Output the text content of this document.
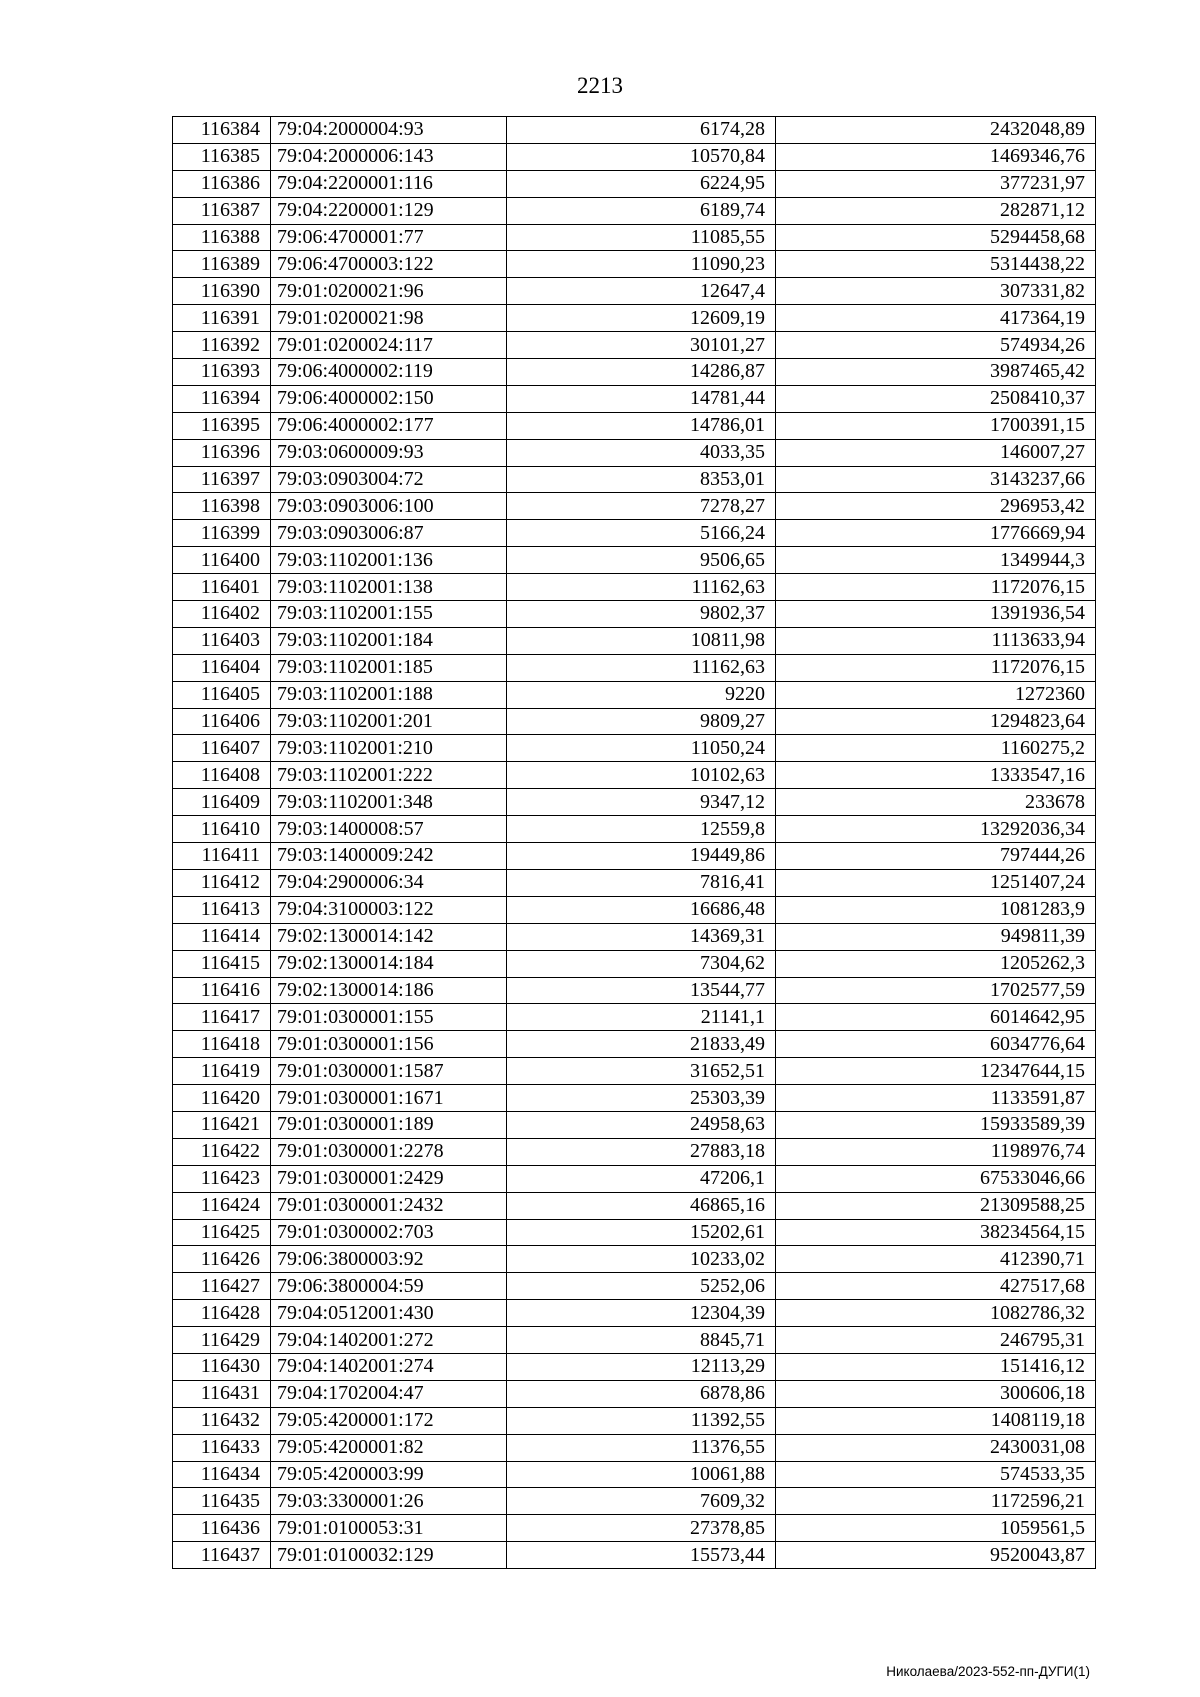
2213
116384	79:04:2000004:93	6174,28	2432048,89
116385	79:04:2000006:143	10570,84	1469346,76
116386	79:04:2200001:116	6224,95	377231,97
116387	79:04:2200001:129	6189,74	282871,12
116388	79:06:4700001:77	11085,55	5294458,68
116389	79:06:4700003:122	11090,23	5314438,22
116390	79:01:0200021:96	12647,4	307331,82
116391	79:01:0200021:98	12609,19	417364,19
116392	79:01:0200024:117	30101,27	574934,26
116393	79:06:4000002:119	14286,87	3987465,42
116394	79:06:4000002:150	14781,44	2508410,37
116395	79:06:4000002:177	14786,01	1700391,15
116396	79:03:0600009:93	4033,35	146007,27
116397	79:03:0903004:72	8353,01	3143237,66
116398	79:03:0903006:100	7278,27	296953,42
116399	79:03:0903006:87	5166,24	1776669,94
116400	79:03:1102001:136	9506,65	1349944,3
116401	79:03:1102001:138	11162,63	1172076,15
116402	79:03:1102001:155	9802,37	1391936,54
116403	79:03:1102001:184	10811,98	1113633,94
116404	79:03:1102001:185	11162,63	1172076,15
116405	79:03:1102001:188	9220	1272360
116406	79:03:1102001:201	9809,27	1294823,64
116407	79:03:1102001:210	11050,24	1160275,2
116408	79:03:1102001:222	10102,63	1333547,16
116409	79:03:1102001:348	9347,12	233678
116410	79:03:1400008:57	12559,8	13292036,34
116411	79:03:1400009:242	19449,86	797444,26
116412	79:04:2900006:34	7816,41	1251407,24
116413	79:04:3100003:122	16686,48	1081283,9
116414	79:02:1300014:142	14369,31	949811,39
116415	79:02:1300014:184	7304,62	1205262,3
116416	79:02:1300014:186	13544,77	1702577,59
116417	79:01:0300001:155	21141,1	6014642,95
116418	79:01:0300001:156	21833,49	6034776,64
116419	79:01:0300001:1587	31652,51	12347644,15
116420	79:01:0300001:1671	25303,39	1133591,87
116421	79:01:0300001:189	24958,63	15933589,39
116422	79:01:0300001:2278	27883,18	1198976,74
116423	79:01:0300001:2429	47206,1	67533046,66
116424	79:01:0300001:2432	46865,16	21309588,25
116425	79:01:0300002:703	15202,61	38234564,15
116426	79:06:3800003:92	10233,02	412390,71
116427	79:06:3800004:59	5252,06	427517,68
116428	79:04:0512001:430	12304,39	1082786,32
116429	79:04:1402001:272	8845,71	246795,31
116430	79:04:1402001:274	12113,29	151416,12
116431	79:04:1702004:47	6878,86	300606,18
116432	79:05:4200001:172	11392,55	1408119,18
116433	79:05:4200001:82	11376,55	2430031,08
116434	79:05:4200003:99	10061,88	574533,35
116435	79:03:3300001:26	7609,32	1172596,21
116436	79:01:0100053:31	27378,85	1059561,5
116437	79:01:0100032:129	15573,44	9520043,87
Николаева/2023-552-пп-ДУГИ(1)
